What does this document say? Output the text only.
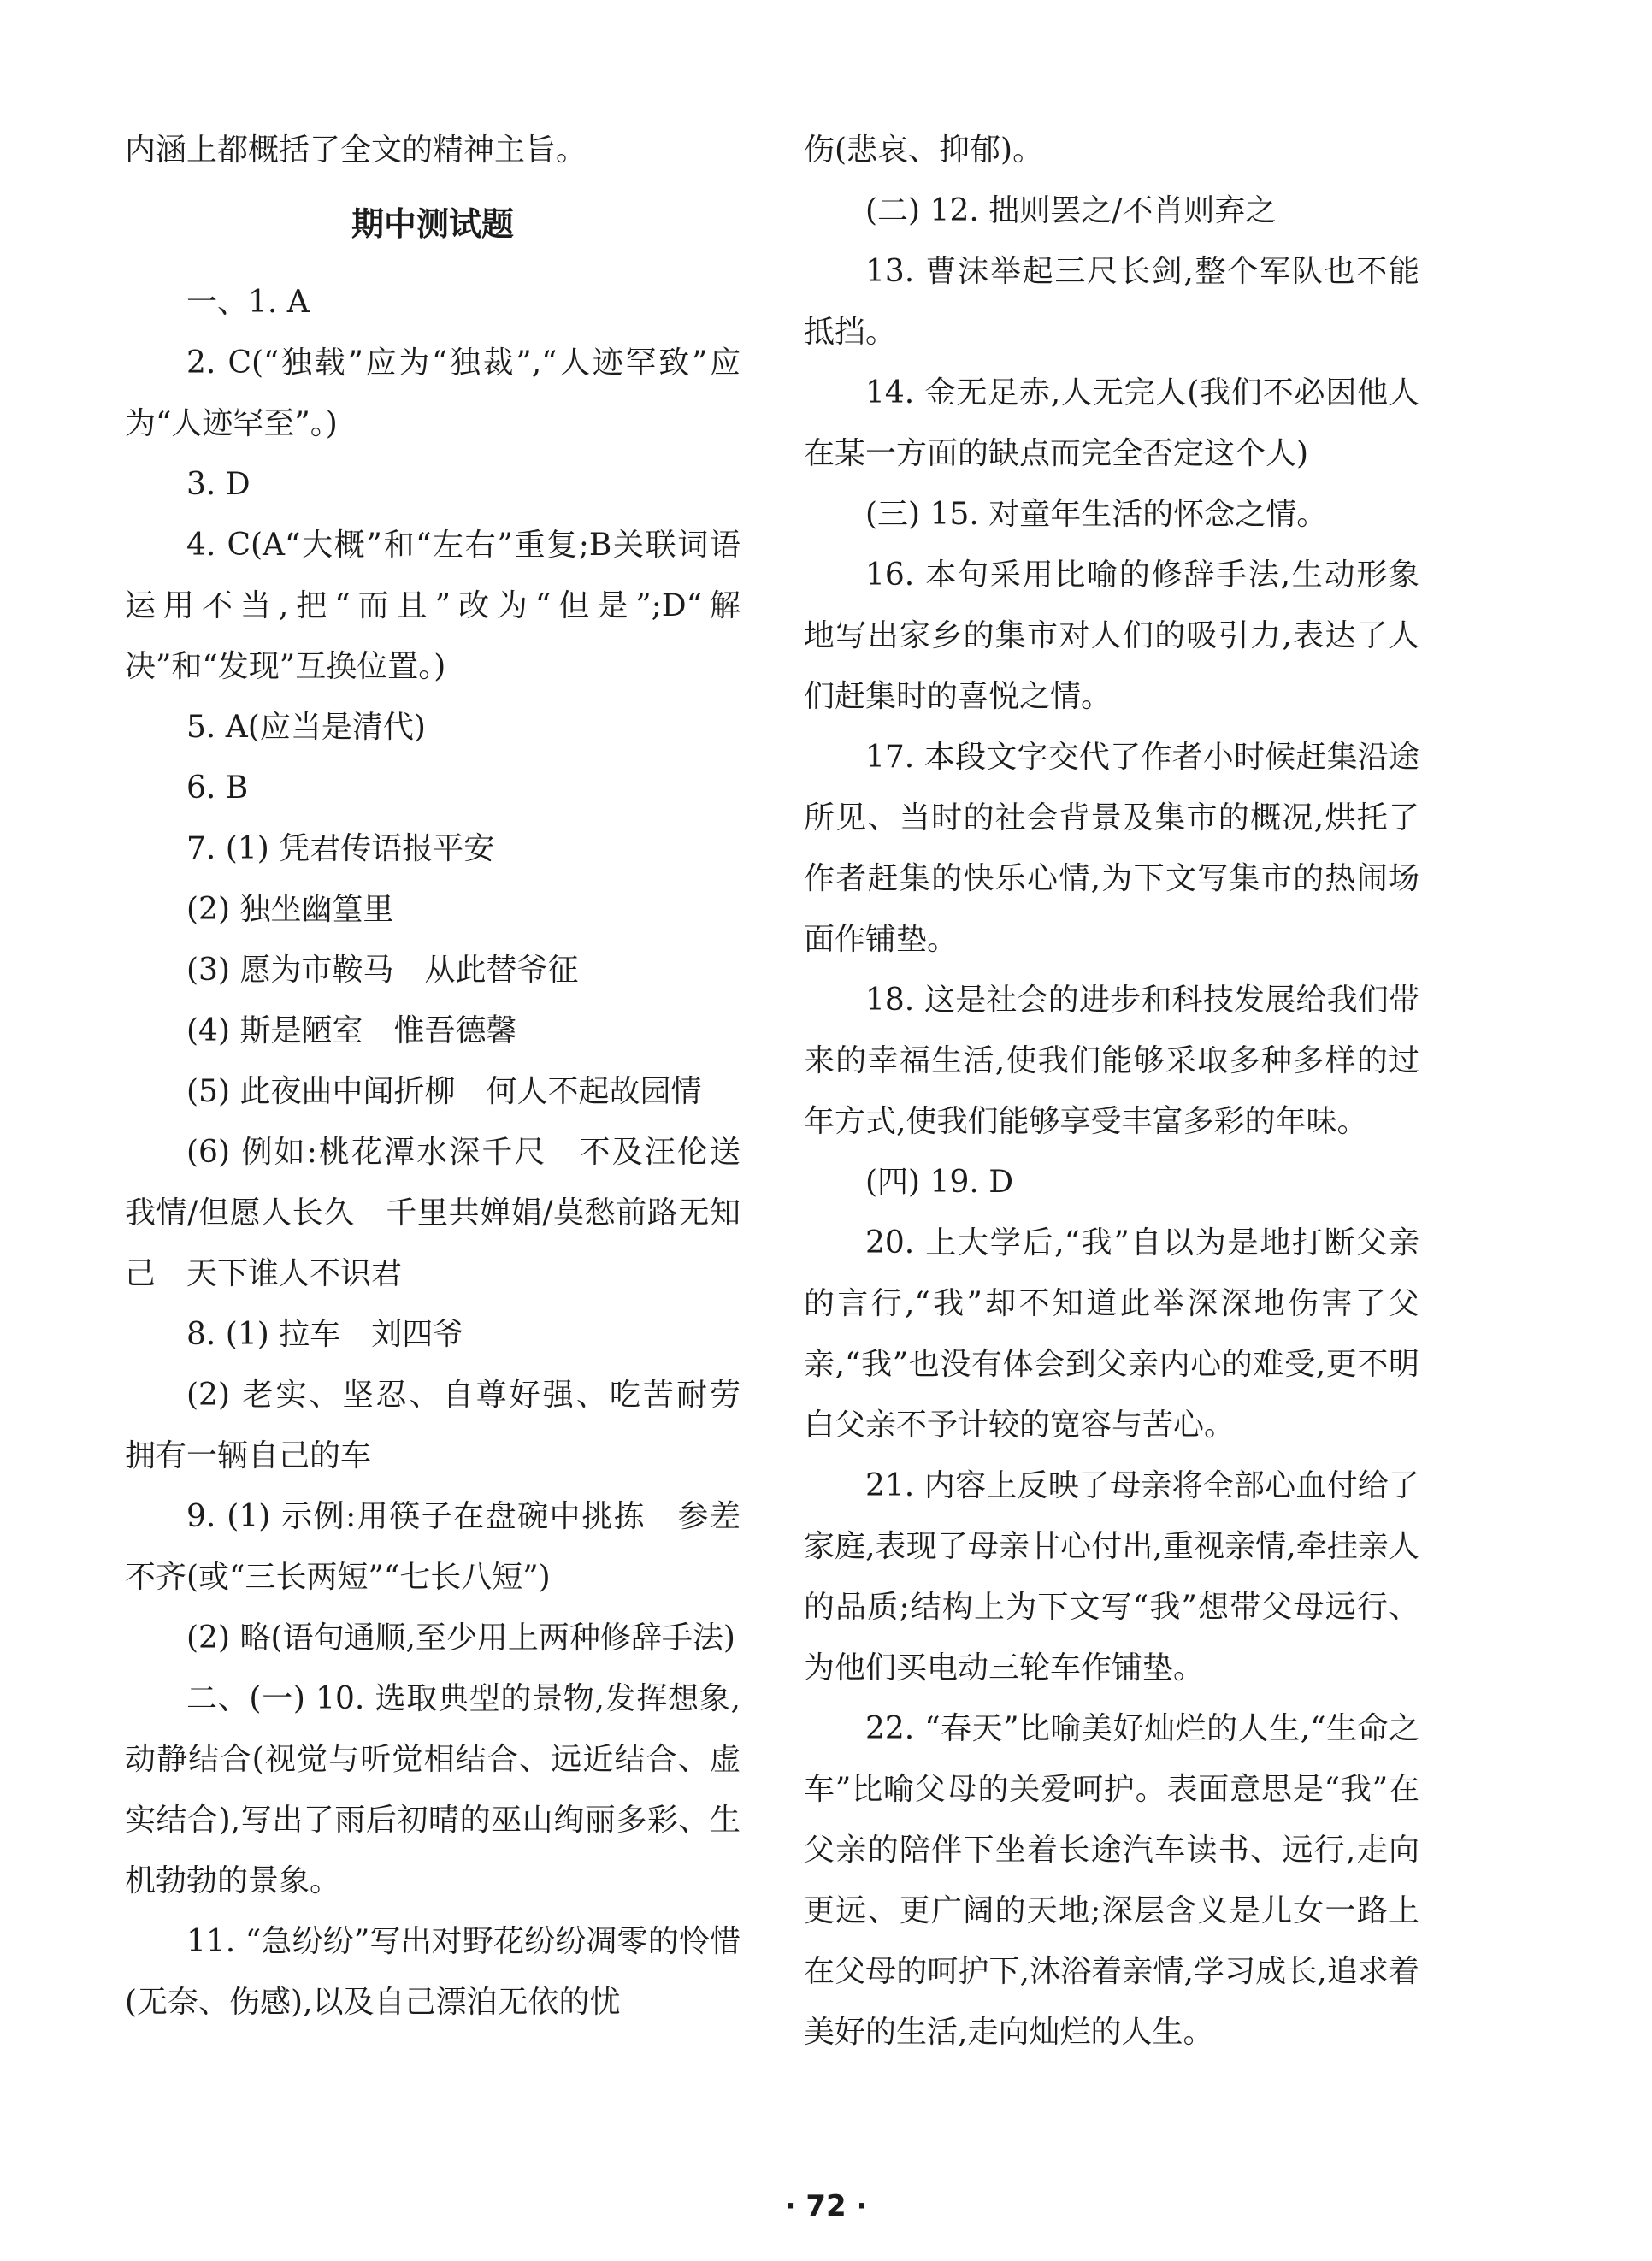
内涵上都概括了全文的精神主旨。

期中测试题

一、1. A

2. C(“独载”应为“独裁”,“人迹罕致”应为“人迹罕至”。)

3. D

4. C(A“大概”和“左右”重复;B关联词语运用不当,把“而且”改为“但是”;D“解决”和“发现”互换位置。)

5. A(应当是清代)

6. B

7. (1) 凭君传语报平安

(2) 独坐幽篁里

(3) 愿为市鞍马　从此替爷征

(4) 斯是陋室　惟吾德馨

(5) 此夜曲中闻折柳　何人不起故园情

(6) 例如:桃花潭水深千尺　不及汪伦送我情/但愿人长久　千里共婵娟/莫愁前路无知己　天下谁人不识君

8. (1) 拉车　刘四爷

(2) 老实、坚忍、自尊好强、吃苦耐劳　拥有一辆自己的车

9. (1) 示例:用筷子在盘碗中挑拣　参差不齐(或“三长两短”“七长八短”)

(2) 略(语句通顺,至少用上两种修辞手法)

二、(一) 10. 选取典型的景物,发挥想象,动静结合(视觉与听觉相结合、远近结合、虚实结合),写出了雨后初晴的巫山绚丽多彩、生机勃勃的景象。

11. “急纷纷”写出对野花纷纷凋零的怜惜(无奈、伤感),以及自己漂泊无依的忧

伤(悲哀、抑郁)。

(二) 12. 拙则罢之/不肖则弃之

13. 曹沫举起三尺长剑,整个军队也不能抵挡。

14. 金无足赤,人无完人(我们不必因他人在某一方面的缺点而完全否定这个人)

(三) 15. 对童年生活的怀念之情。

16. 本句采用比喻的修辞手法,生动形象地写出家乡的集市对人们的吸引力,表达了人们赶集时的喜悦之情。

17. 本段文字交代了作者小时候赶集沿途所见、当时的社会背景及集市的概况,烘托了作者赶集的快乐心情,为下文写集市的热闹场面作铺垫。

18. 这是社会的进步和科技发展给我们带来的幸福生活,使我们能够采取多种多样的过年方式,使我们能够享受丰富多彩的年味。

(四) 19. D

20. 上大学后,“我”自以为是地打断父亲的言行,“我”却不知道此举深深地伤害了父亲,“我”也没有体会到父亲内心的难受,更不明白父亲不予计较的宽容与苦心。

21. 内容上反映了母亲将全部心血付给了家庭,表现了母亲甘心付出,重视亲情,牵挂亲人的品质;结构上为下文写“我”想带父母远行、为他们买电动三轮车作铺垫。

22. “春天”比喻美好灿烂的人生,“生命之车”比喻父母的关爱呵护。表面意思是“我”在父亲的陪伴下坐着长途汽车读书、远行,走向更远、更广阔的天地;深层含义是儿女一路上在父母的呵护下,沐浴着亲情,学习成长,追求着美好的生活,走向灿烂的人生。

· 72 ·
